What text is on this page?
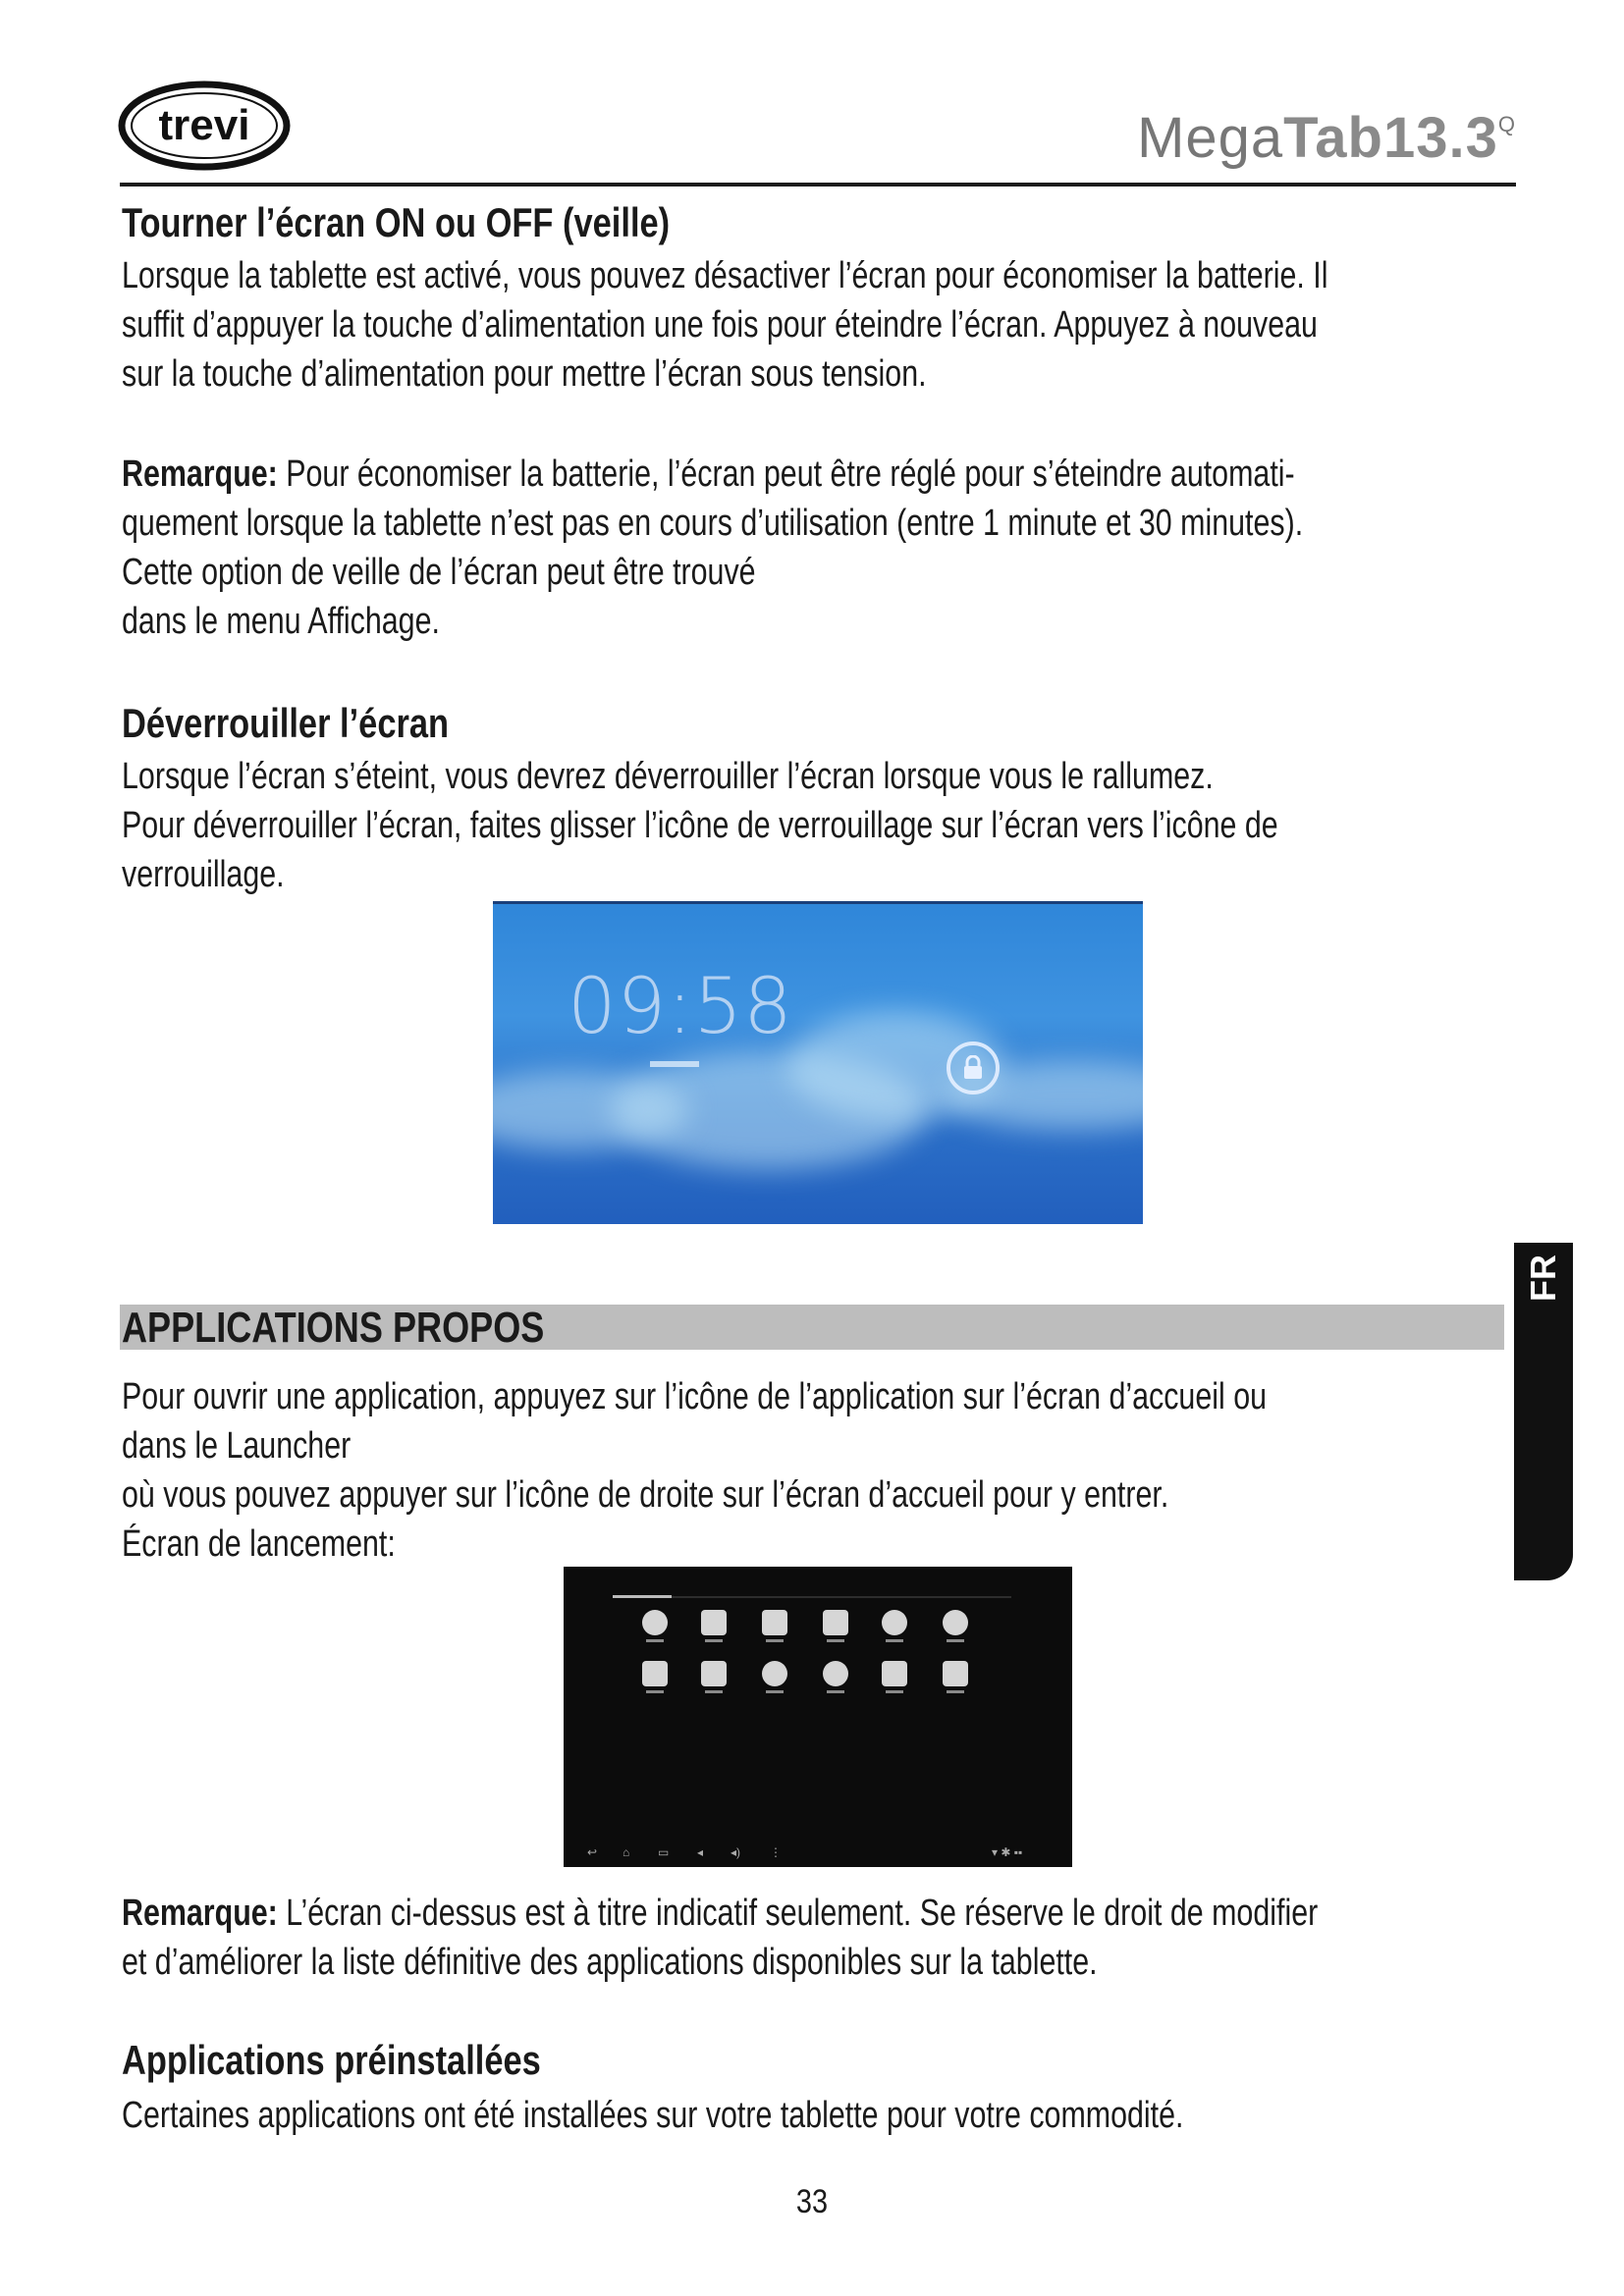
trevi	$MegaTab13.3^Q$
Tourner l’écran ON ou OFF (veille)

Lorsque la tablette est activé, vous pouvez désactiver l’écran pour économiser la batterie. Il

suffit d’appuyer la touche d’alimentation une fois pour éteindre l’écran. Appuyez à nouveau

sur la touche d’alimentation pour mettre l’écran sous tension.

Remarque: Pour économiser la batterie, l’écran peut être réglé pour s’éteindre automati-

quement lorsque la tablette n’est pas en cours d’utilisation (entre 1 minute et 30 minutes).

Cette option de veille de l’écran peut être trouvé

dans le menu Affichage.

Déverrouiller l’écran

Lorsque l’écran s’éteint, vous devrez déverrouiller l’écran lorsque vous le rallumez.

Pour déverrouiller l’écran, faites glisser l’icône de verrouillage sur l’écran vers l’icône de

verrouillage.

09:58
FR
APPLICATIONS PROPOS

Pour ouvrir une application, appuyez sur l’icône de l’application sur l’écran d’accueil ou

dans le Launcher

où vous pouvez appuyer sur l’icône de droite sur l’écran d’accueil pour y entrer.

Écran de lancement:

↩ ⌂ ▭ ◂ ◂) ⋮	▾ ✱ ▪▪

Remarque: L’écran ci-dessus est à titre indicatif seulement. Se réserve le droit de modifier

et d’améliorer la liste définitive des applications disponibles sur la tablette.

Applications préinstallées

Certaines applications ont été installées sur votre tablette pour votre commodité.

33
